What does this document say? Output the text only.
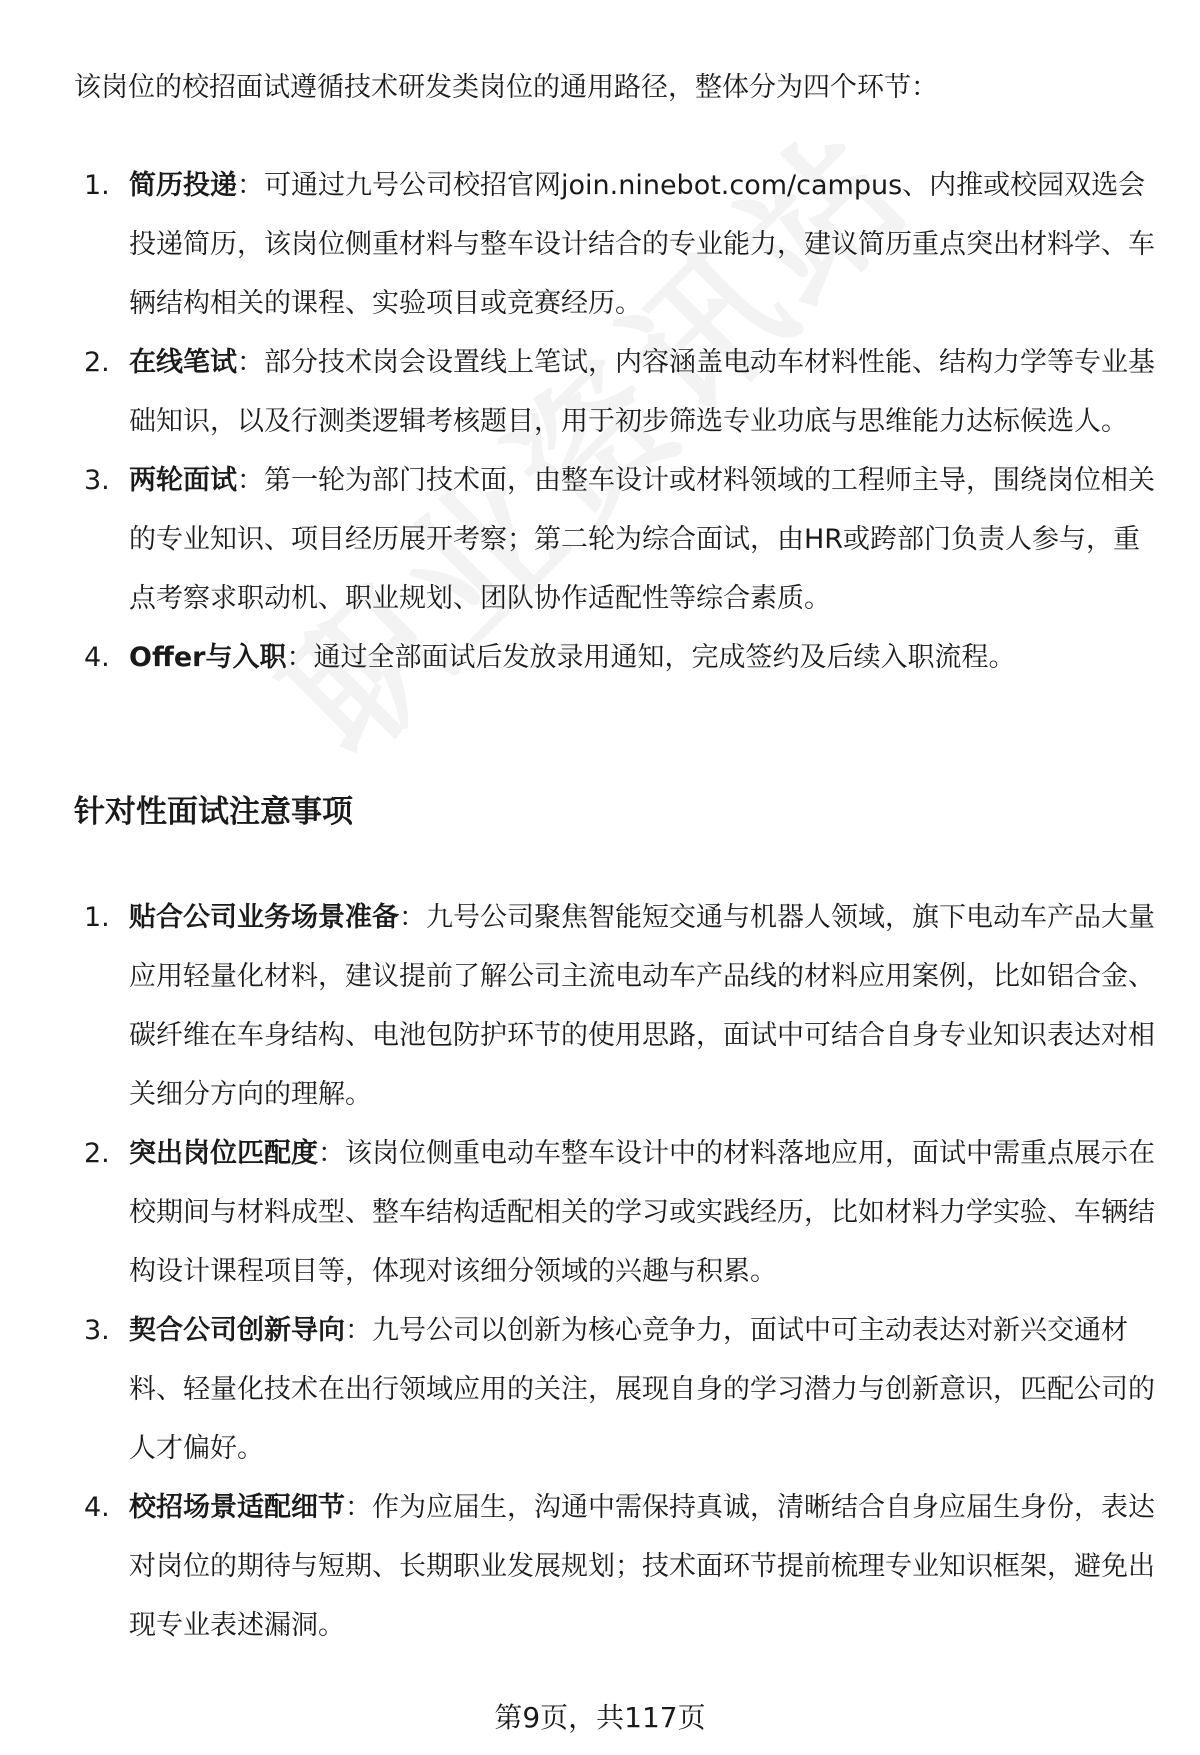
该岗位的校招面试遵循技术研发类岗位的通用路径，整体分为四个环节：

1. 简历投递：可通过九号公司校招官网join.ninebot.com/campus、内推或校园双选会投递简历，该岗位侧重材料与整车设计结合的专业能力，建议简历重点突出材料学、车辆结构相关的课程、实验项目或竞赛经历。
2. 在线笔试：部分技术岗会设置线上笔试，内容涵盖电动车材料性能、结构力学等专业基础知识，以及行测类逻辑考核题目，用于初步筛选专业功底与思维能力达标候选人。
3. 两轮面试：第一轮为部门技术面，由整车设计或材料领域的工程师主导，围绕岗位相关的专业知识、项目经历展开考察；第二轮为综合面试，由HR或跨部门负责人参与，重点考察求职动机、职业规划、团队协作适配性等综合素质。
4. Offer与入职：通过全部面试后发放录用通知，完成签约及后续入职流程。
针对性面试注意事项
1. 贴合公司业务场景准备：九号公司聚焦智能短交通与机器人领域，旗下电动车产品大量应用轻量化材料，建议提前了解公司主流电动车产品线的材料应用案例，比如铝合金、碳纤维在车身结构、电池包防护环节的使用思路，面试中可结合自身专业知识表达对相关细分方向的理解。
2. 突出岗位匹配度：该岗位侧重电动车整车设计中的材料落地应用，面试中需重点展示在校期间与材料成型、整车结构适配相关的学习或实践经历，比如材料力学实验、车辆结构设计课程项目等，体现对该细分领域的兴趣与积累。
3. 契合公司创新导向：九号公司以创新为核心竞争力，面试中可主动表达对新兴交通材料、轻量化技术在出行领域应用的关注，展现自身的学习潜力与创新意识，匹配公司的人才偏好。
4. 校招场景适配细节：作为应届生，沟通中需保持真诚，清晰结合自身应届生身份，表达对岗位的期待与短期、长期职业发展规划；技术面环节提前梳理专业知识框架，避免出现专业表述漏洞。
第9页，共117页
